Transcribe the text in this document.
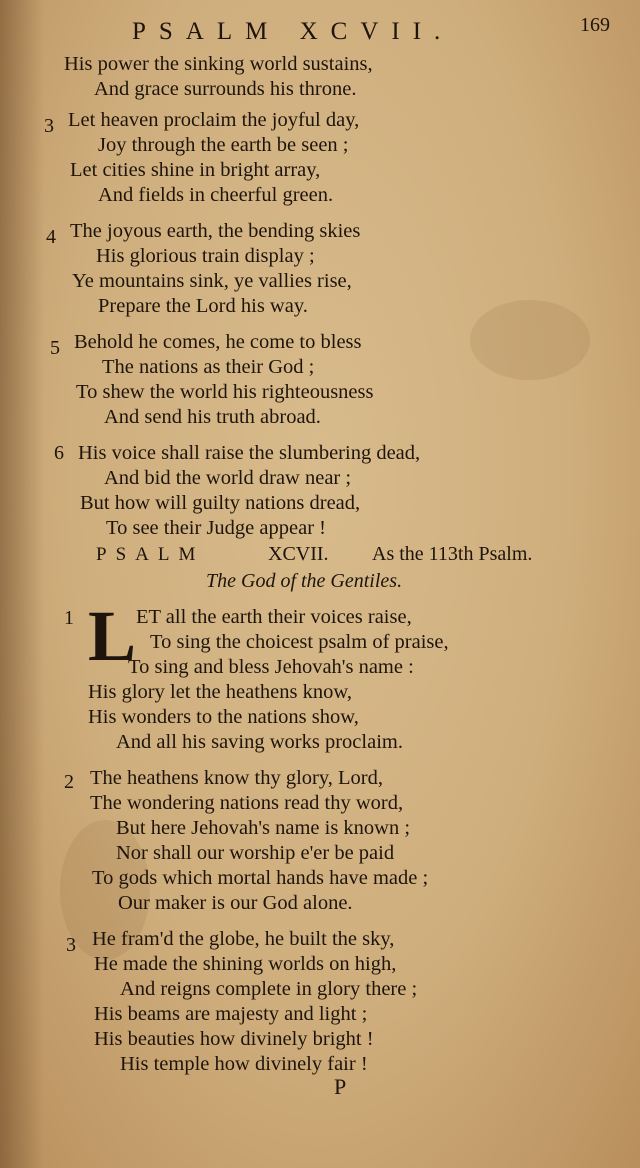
PSALM XCVII.	169
His power the sinking world sustains,
And grace surrounds his throne.
3 Let heaven proclaim the joyful day,
Joy through the earth be seen ;
Let cities shine in bright array,
And fields in cheerful green.
4 The joyous earth, the bending skies
His glorious train display ;
Ye mountains sink, ye vallies rise,
Prepare the Lord his way.
5 Behold he comes, he come to bless
The nations as their God ;
To shew the world his righteousness
And send his truth abroad.
6 His voice shall raise the slumbering dead,
And bid the world draw near ;
But how will guilty nations dread,
To see their Judge appear !
PSALM	XCVII. As the 113th Psalm.
The God of the Gentiles.
1 L ET all the earth their voices raise,
To sing the choicest psalm of praise,
To sing and bless Jehovah's name :
His glory let the heathens know,
His wonders to the nations show,
And all his saving works proclaim.
2 The heathens know thy glory, Lord,
The wondering nations read thy word,
But here Jehovah's name is known ;
Nor shall our worship e'er be paid
To gods which mortal hands have made ;
Our maker is our God alone.
3 He fram'd the globe, he built the sky,
He made the shining worlds on high,
And reigns complete in glory there ;
His beams are majesty and light ;
His beauties how divinely bright !
His temple how divinely fair !
P
